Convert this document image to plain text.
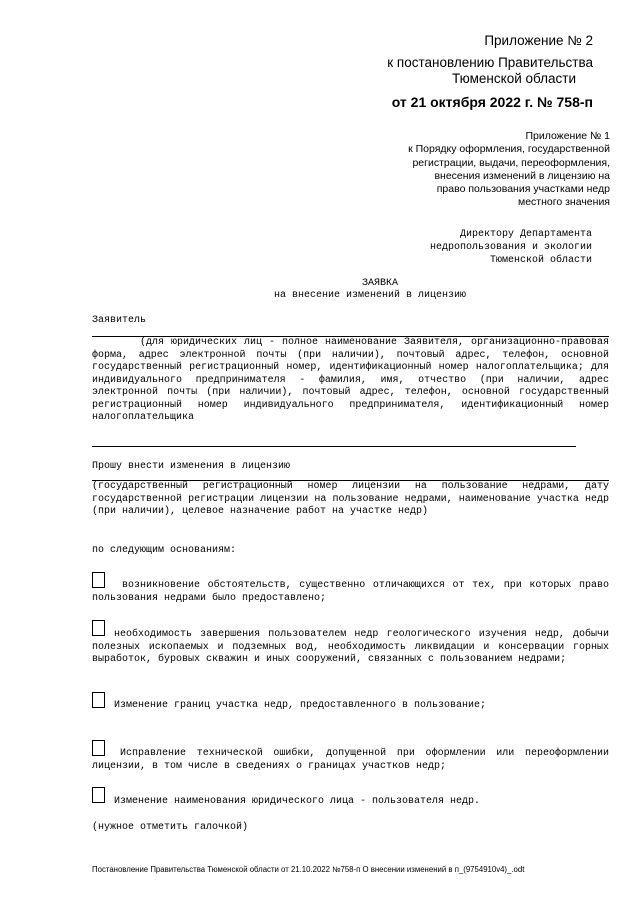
Приложение № 2
к постановлению Правительства
Тюменской области
от 21 октября 2022 г. № 758-п
Приложение № 1
к Порядку оформления, государственной
регистрации, выдачи, переоформления,
внесения изменений в лицензию на
право пользования участками недр
местного значения
Директору Департамента
недропользования и экологии
Тюменской области
ЗАЯВКА
на внесение изменений в лицензию
Заявитель
(для юридических лиц - полное наименование Заявителя, организационно-правовая форма, адрес электронной почты (при наличии), почтовый адрес, телефон, основной государственный регистрационный номер, идентификационный номер налогоплательщика; для индивидуального предпринимателя - фамилия, имя, отчество (при наличии, адрес электронной почты (при наличии), почтовый адрес, телефон, основной государственный регистрационный номер индивидуального предпринимателя, идентификационный номер налогоплательщика
Прошу внести изменения в лицензию
(государственный регистрационный номер лицензии на пользование недрами, дату государственной регистрации лицензии на пользование недрами, наименование участка недр (при наличии), целевое назначение работ на участке недр)
по следующим основаниям:
возникновение обстоятельств, существенно отличающихся от тех, при которых право пользования недрами было предоставлено;
необходимость завершения пользователем недр геологического изучения недр, добычи полезных ископаемых и подземных вод, необходимость ликвидации и консервации горных выработок, буровых скважин и иных сооружений, связанных с пользованием недрами;
Изменение границ участка недр, предоставленного в пользование;
Исправление технической ошибки, допущенной при оформлении или переоформлении лицензии, в том числе в сведениях о границах участков недр;
Изменение наименования юридического лица - пользователя недр.
(нужное отметить галочкой)
Постановление Правительства Тюменской области от 21.10.2022 №758-п О внесении изменений в п_(9754910v4)_.odt
